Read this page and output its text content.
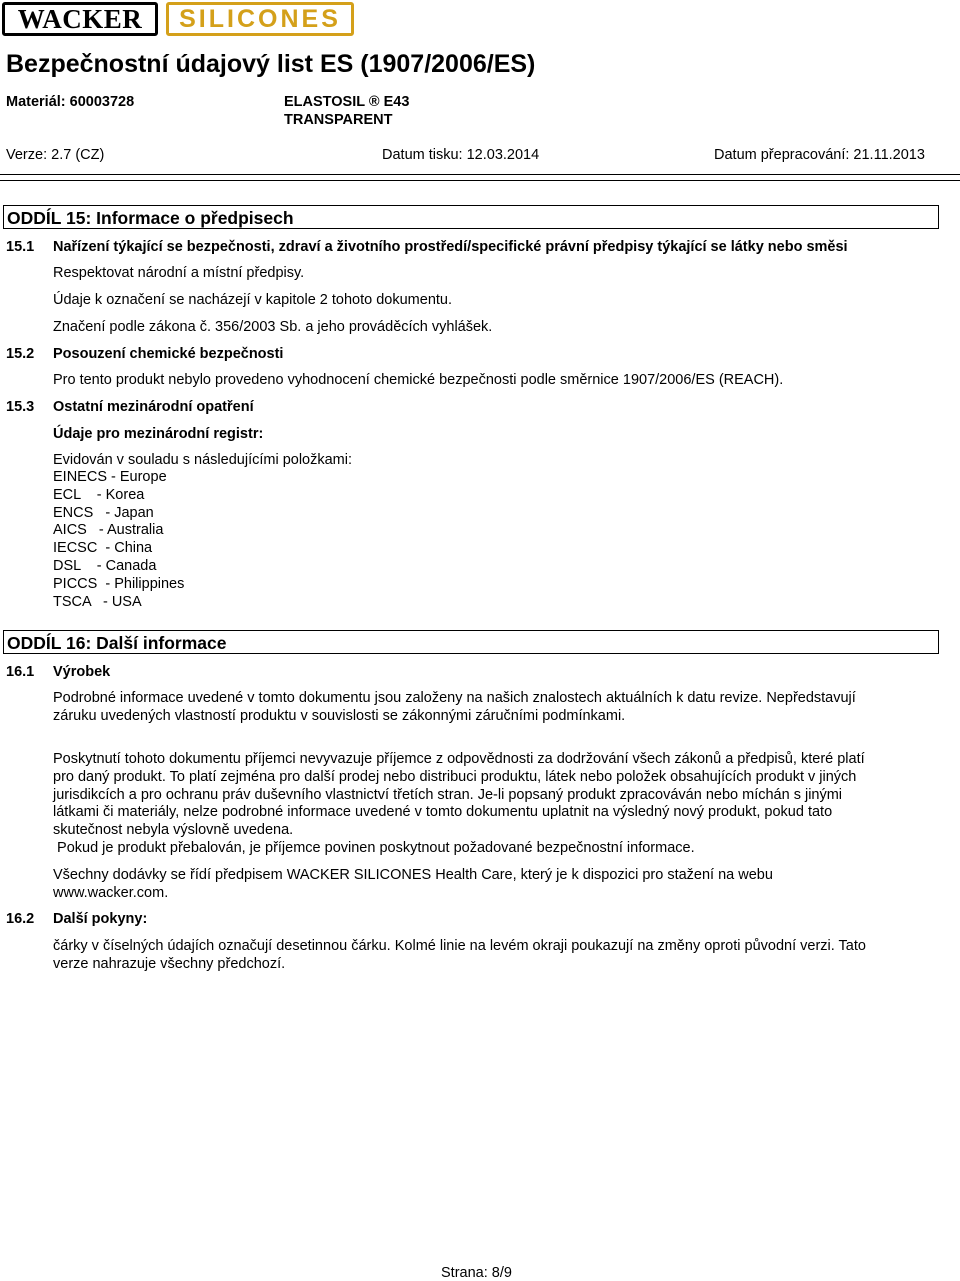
WACKER	SILICONES
Bezpečnostní údajový list ES (1907/2006/ES)
Materiál: 60003728	ELASTOSIL ® E43
TRANSPARENT
Verze: 2.7 (CZ)	Datum tisku: 12.03.2014	Datum přepracování: 21.11.2013
ODDÍL 15: Informace o předpisech
15.1 Nařízení týkající se bezpečnosti, zdraví a životního prostředí/specifické právní předpisy týkající se látky nebo směsi
Respektovat národní a místní předpisy.
Údaje k označení se nacházejí v kapitole 2 tohoto dokumentu.
Značení podle zákona č. 356/2003 Sb. a jeho prováděcích vyhlášek.
15.2 Posouzení chemické bezpečnosti
Pro tento produkt nebylo provedeno vyhodnocení chemické bezpečnosti podle směrnice 1907/2006/ES (REACH).
15.3 Ostatní mezinárodní opatření
Údaje pro mezinárodní registr:
Evidován v souladu s následujícími položkami:
EINECS - Europe
ECL    - Korea
ENCS   - Japan
AICS   - Australia
IECSC  - China
DSL    - Canada
PICCS  - Philippines
TSCA   - USA
ODDÍL 16: Další informace
16.1 Výrobek
Podrobné informace uvedené v tomto dokumentu jsou založeny na našich znalostech aktuálních k datu revize. Nepředstavují
záruku uvedených vlastností produktu v souvislosti se zákonnými záručními podmínkami.
Poskytnutí tohoto dokumentu příjemci nevyvazuje příjemce z odpovědnosti za dodržování všech zákonů a předpisů, které platí
pro daný produkt. To platí zejména pro další prodej nebo distribuci produktu, látek nebo položek obsahujících produkt v jiných
jurisdikcích a pro ochranu práv duševního vlastnictví třetích stran. Je-li popsaný produkt zpracováván nebo míchán s jinými
látkami či materiály, nelze podrobné informace uvedené v tomto dokumentu uplatnit na výsledný nový produkt, pokud tato
skutečnost nebyla výslovně uvedena.
Pokud je produkt přebalován, je příjemce povinen poskytnout požadované bezpečnostní informace.
Všechny dodávky se řídí předpisem WACKER SILICONES Health Care, který je k dispozici pro stažení na webu
www.wacker.com.
16.2 Další pokyny:
čárky v číselných údajích označují desetinnou čárku. Kolmé linie na levém okraji poukazují na změny oproti původní verzi. Tato
verze nahrazuje všechny předchozí.
Strana: 8/9
